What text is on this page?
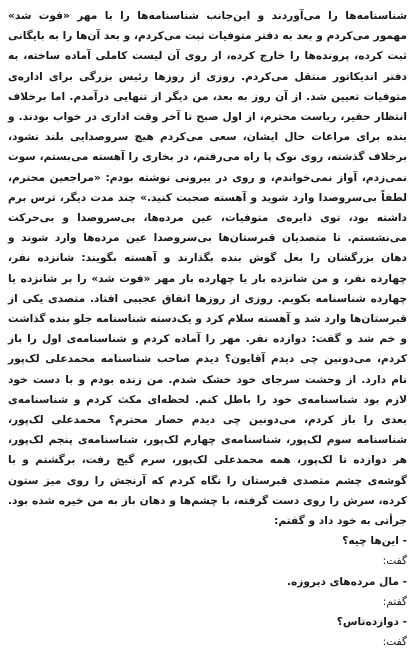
شناسنامه‌ها را می‌آوردند و این‌جانب شناسنامه‌ها را با مهر «فوت شد» مهمور می‌کردم و بعد به دفتر متوفیات ثبت می‌کردم، و بعد آن‌ها را به بایگانی ثبت کرده، پرونده‌ها را خارج کرده، از روی آن لیست کاملی آماده ساخته، به دفتر اندیکاتور منتقل می‌کردم. روزی از روزها رئیس بزرگی برای اداره‌ی متوفیات تعیین شد. از آن روز به بعد، من دیگر از تنهایی درآمدم. اما برخلاف انتظار حقیر، ریاست محترم، از اول صبح تا آخر وقت اداری در خواب بودند. و بنده برای مراعات حال ایشان، سعی می‌کردم هیچ سروصدایی بلند نشود، برخلاف گذشته، روی نوک پا راه می‌رفتم، در بخاری را آهسته می‌بستم، سوت نمی‌زدم، آواز نمی‌خواندم، و روی در بیرونی نوشته بودم: «مراجعین محترم، لطفاً بی‌سروصدا وارد شوید و آهسته صحبت کنید.» چند مدت دیگر، ترس برم داشته بود، توی دایره‌ی متوفیات، عین مرده‌ها، بی‌سروصدا و بی‌حرکت می‌نشستم. تا متصدیان قبرستان‌ها بی‌سروصدا عین مرده‌ها وارد شوند و دهان بزرگشان را بغل گوش بنده بگذارند و آهسته بگویند: شانزده نفر، چهارده نفر، و من شانزده بار یا چهارده بار مهر «فوت شد» را بر شانزده یا چهارده شناسنامه بکوبم. روزی از روزها اتفاق عجیبی افتاد. متصدی یکی از قبرستان‌ها وارد شد و آهسته سلام کرد و یک‌دسته شناسنامه جلو بنده گذاشت و خم شد و گفت: دوازده نفر. مهر را آماده کردم و شناسنامه‌ی اول را باز کردم، می‌دونین چی دیدم آقایون؟ دیدم صاحب شناسنامه محمدعلی لک‌پور نام دارد. از وحشت سرجای خود خشک شدم. من زنده بودم و با دست خود لازم بود شناسنامه‌ی خود را باطل کنم. لحظه‌ای مکث کردم و شناسنامه‌ی بعدی را باز کردم، می‌دونین چی دیدم حضار محترم؟ محمدعلی لک‌پور، شناسنامه سوم لک‌پور، شناسنامه‌ی چهارم لک‌پور، شناسنامه‌ی پنجم لک‌پور، هر دوازده تا لک‌پور، همه محمدعلی لک‌پور، سرم گیج رفت، برگشتم و با گوشه‌ی چشم متصدی قبرستان را نگاه کردم که آرنجش را روی میز ستون کرده، سرش را روی دست گرفته، با چشم‌ها و دهان باز به من خیره شده بود. جرأتی به خود داد و گفتم:

- این‌ها چیه؟
گفت:
- مال مرده‌های دیروزه.
گفتم:
- دوازده‌تاس؟
گفت:
